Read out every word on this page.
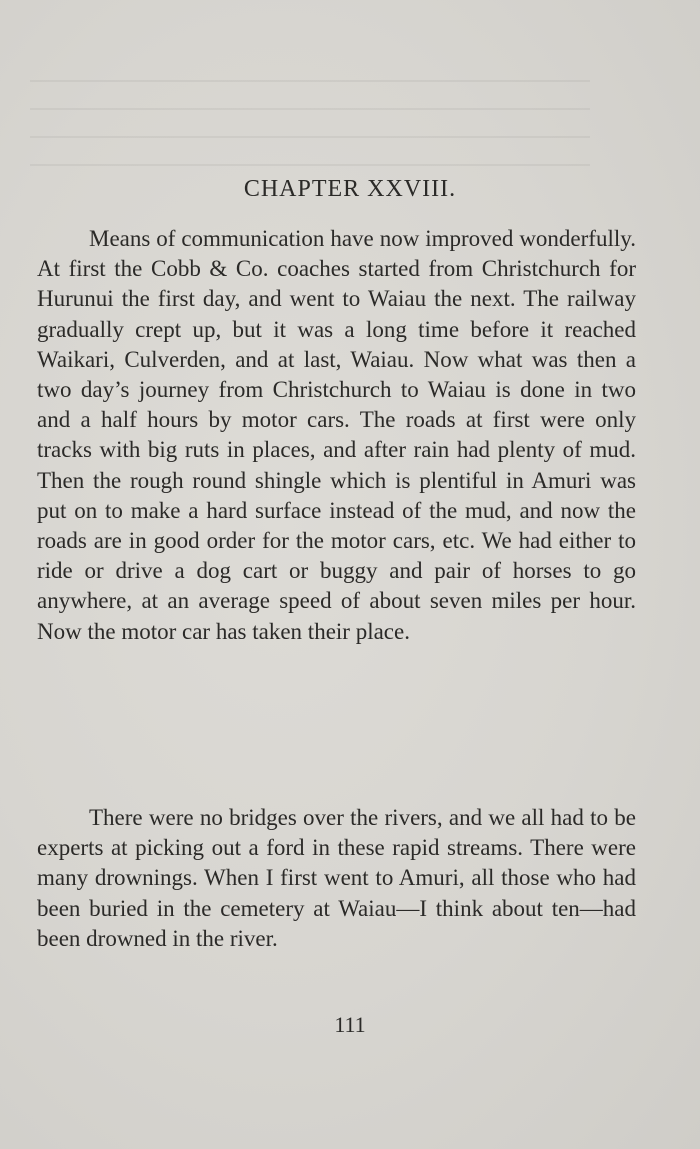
CHAPTER XXVIII.

Means of communication have now improved wonderfully. At first the Cobb & Co. coaches started from Christchurch for Hurunui the first day, and went to Waiau the next. The railway gradually crept up, but it was a long time before it reached Waikari, Culverden, and at last, Waiau. Now what was then a two day’s journey from Christchurch to Waiau is done in two and a half hours by motor cars. The roads at first were only tracks with big ruts in places, and after rain had plenty of mud. Then the rough round shingle which is plentiful in Amuri was put on to make a hard surface instead of the mud, and now the roads are in good order for the motor cars, etc. We had either to ride or drive a dog cart or buggy and pair of horses to go anywhere, at an average speed of about seven miles per hour. Now the motor car has taken their place.

There were no bridges over the rivers, and we all had to be experts at picking out a ford in these rapid streams. There were many drownings. When I first went to Amuri, all those who had been buried in the cemetery at Waiau—I think about ten—had been drowned in the river.

111
